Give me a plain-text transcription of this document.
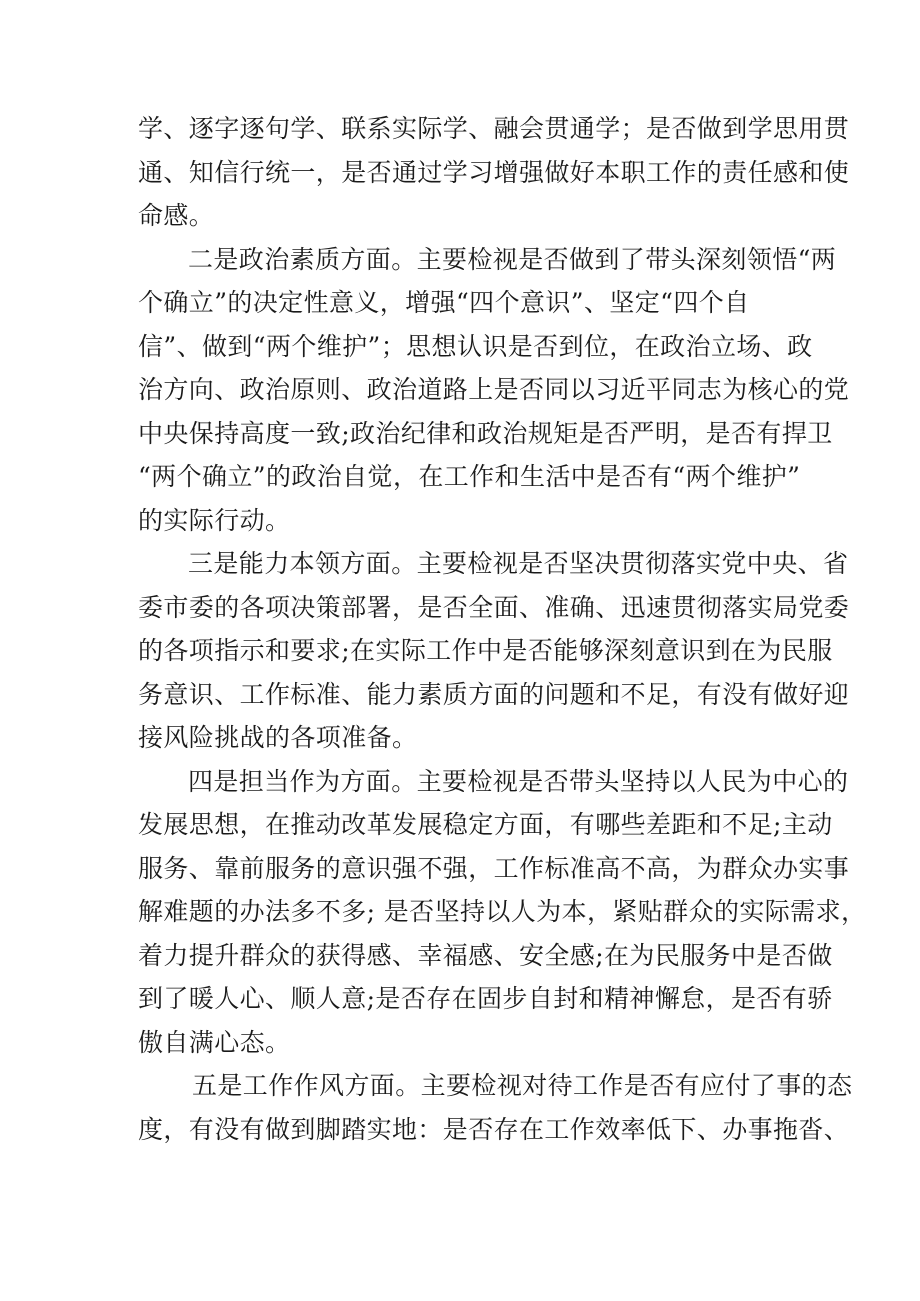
学、逐字逐句学、联系实际学、融会贯通学；是否做到学思用贯
通、知信行统一，是否通过学习增强做好本职工作的责任感和使
命感。

二是政治素质方面。主要检视是否做到了带头深刻领悟“两
个确立”的决定性意义，增强“四个意识”、坚定“四个自
信”、做到“两个维护”；思想认识是否到位，在政治立场、政
治方向、政治原则、政治道路上是否同以习近平同志为核心的党
中央保持高度一致;政治纪律和政治规矩是否严明，是否有捍卫
“两个确立”的政治自觉，在工作和生活中是否有“两个维护”
的实际行动。

三是能力本领方面。主要检视是否坚决贯彻落实党中央、省
委市委的各项决策部署，是否全面、准确、迅速贯彻落实局党委
的各项指示和要求;在实际工作中是否能够深刻意识到在为民服
务意识、工作标准、能力素质方面的问题和不足，有没有做好迎
接风险挑战的各项准备。

四是担当作为方面。主要检视是否带头坚持以人民为中心的
发展思想，在推动改革发展稳定方面，有哪些差距和不足;主动
服务、靠前服务的意识强不强，工作标准高不高，为群众办实事
解难题的办法多不多; 是否坚持以人为本，紧贴群众的实际需求，
着力提升群众的获得感、幸福感、安全感;在为民服务中是否做
到了暖人心、顺人意;是否存在固步自封和精神懈怠，是否有骄
傲自满心态。

五是工作作风方面。主要检视对待工作是否有应付了事的态
度，有没有做到脚踏实地：是否存在工作效率低下、办事拖沓、
